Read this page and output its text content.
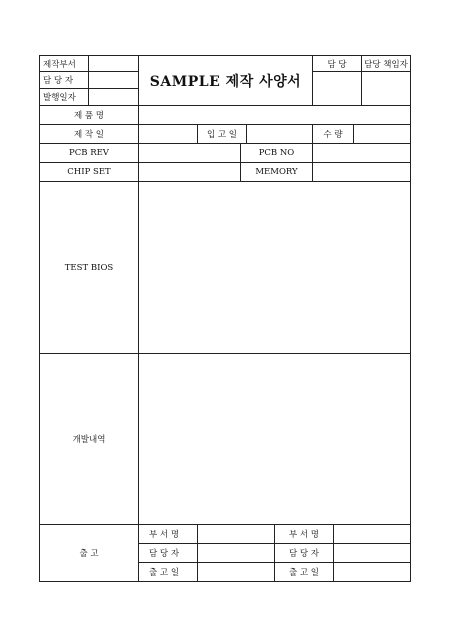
제작부서
담 당 자
발행일자
SAMPLE 제작 사양서
담 당	담당 책임자
제 품 명
제 작 일	입 고 일	수 량
PCB REV	PCB NO
CHIP SET	MEMORY
TEST BIOS
개발내역
출 고
부 서 명	부 서 명
담 당 자	담 당 자
출 고 일	출 고 일
